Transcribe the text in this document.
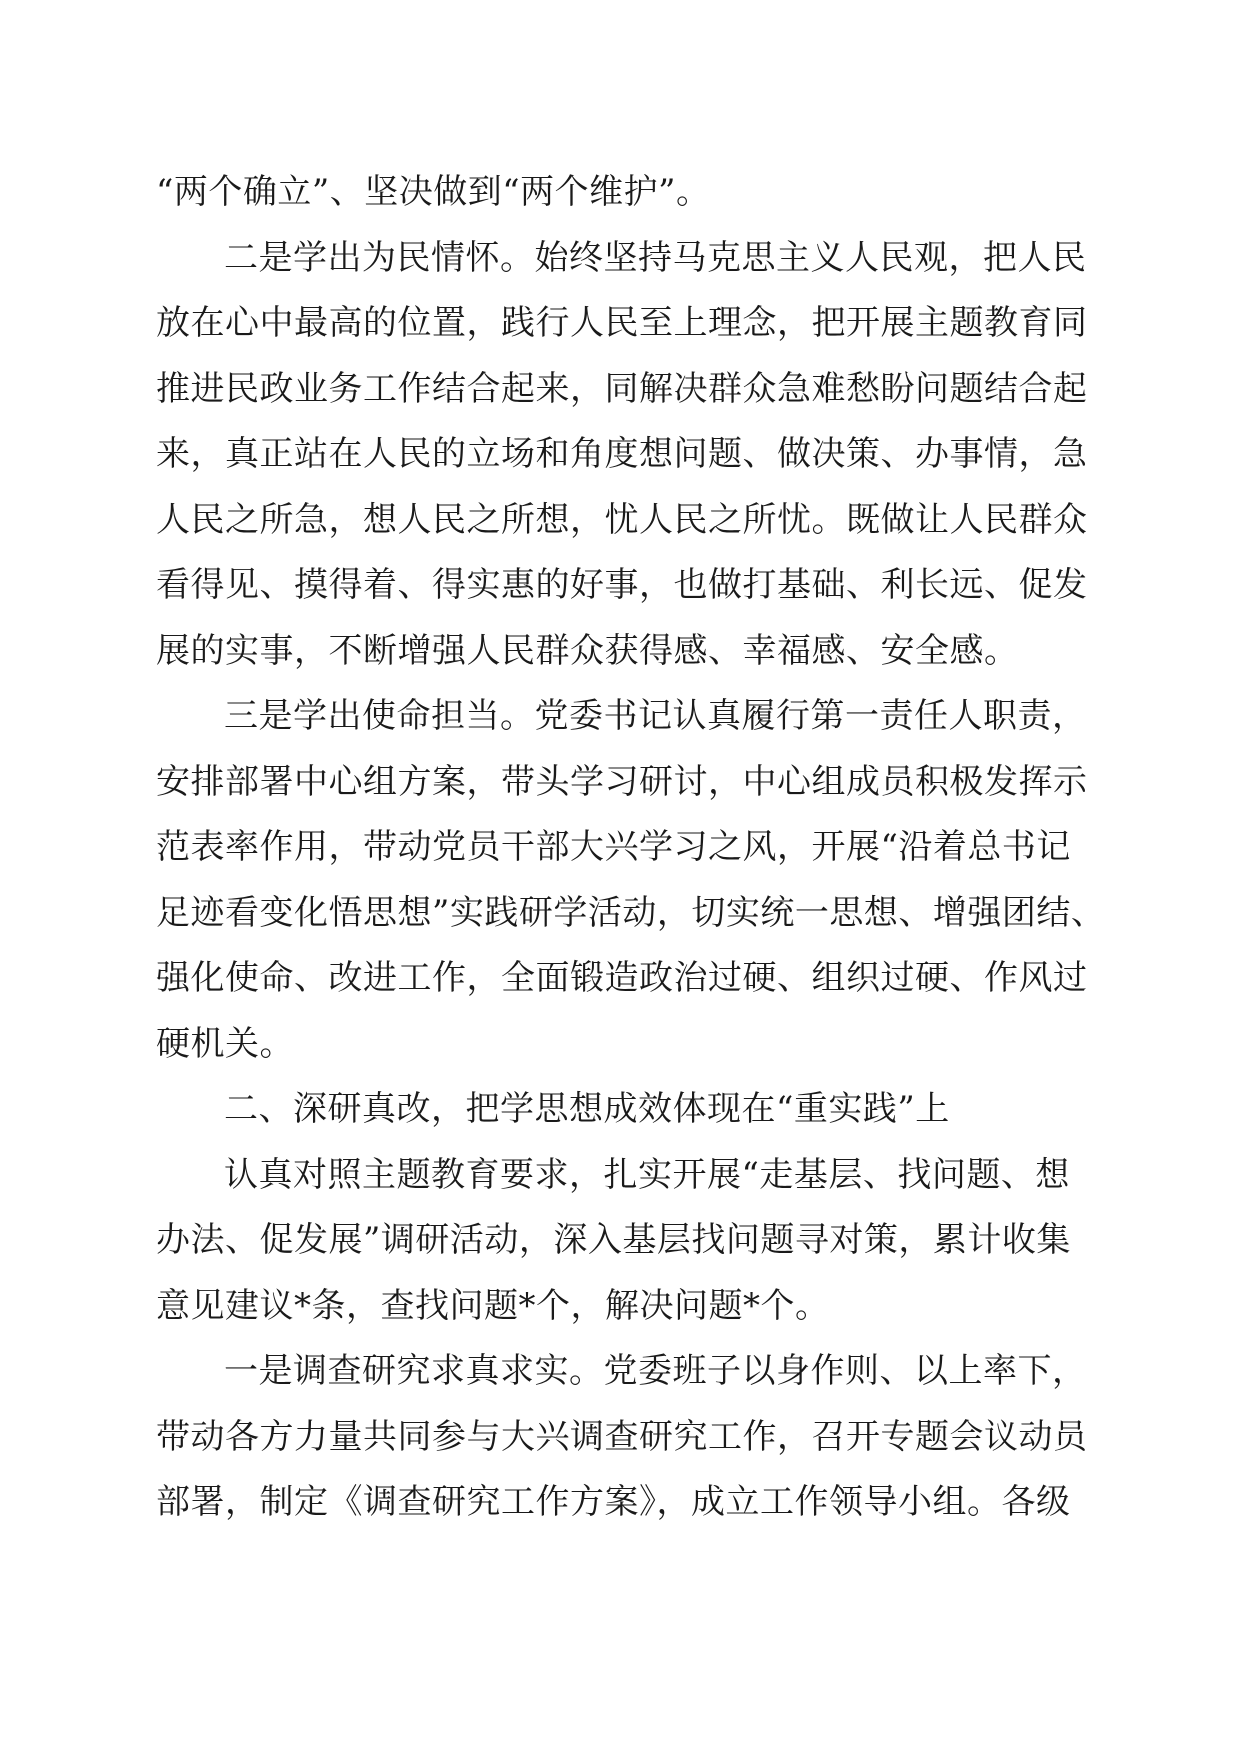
“两个确立”、坚决做到“两个维护”。
二是学出为民情怀。始终坚持马克思主义人民观，把人民
放在心中最高的位置，践行人民至上理念，把开展主题教育同
推进民政业务工作结合起来，同解决群众急难愁盼问题结合起
来，真正站在人民的立场和角度想问题、做决策、办事情，急
人民之所急，想人民之所想，忧人民之所忧。既做让人民群众
看得见、摸得着、得实惠的好事，也做打基础、利长远、促发
展的实事，不断增强人民群众获得感、幸福感、安全感。
三是学出使命担当。党委书记认真履行第一责任人职责，
安排部署中心组方案，带头学习研讨，中心组成员积极发挥示
范表率作用，带动党员干部大兴学习之风，开展“沿着总书记
足迹看变化悟思想”实践研学活动，切实统一思想、增强团结、
强化使命、改进工作，全面锻造政治过硬、组织过硬、作风过
硬机关。
二、深研真改，把学思想成效体现在“重实践”上
认真对照主题教育要求，扎实开展“走基层、找问题、想
办法、促发展”调研活动，深入基层找问题寻对策，累计收集
意见建议*条，查找问题*个，解决问题*个。
一是调查研究求真求实。党委班子以身作则、以上率下，
带动各方力量共同参与大兴调查研究工作，召开专题会议动员
部署，制定《调查研究工作方案》，成立工作领导小组。各级
